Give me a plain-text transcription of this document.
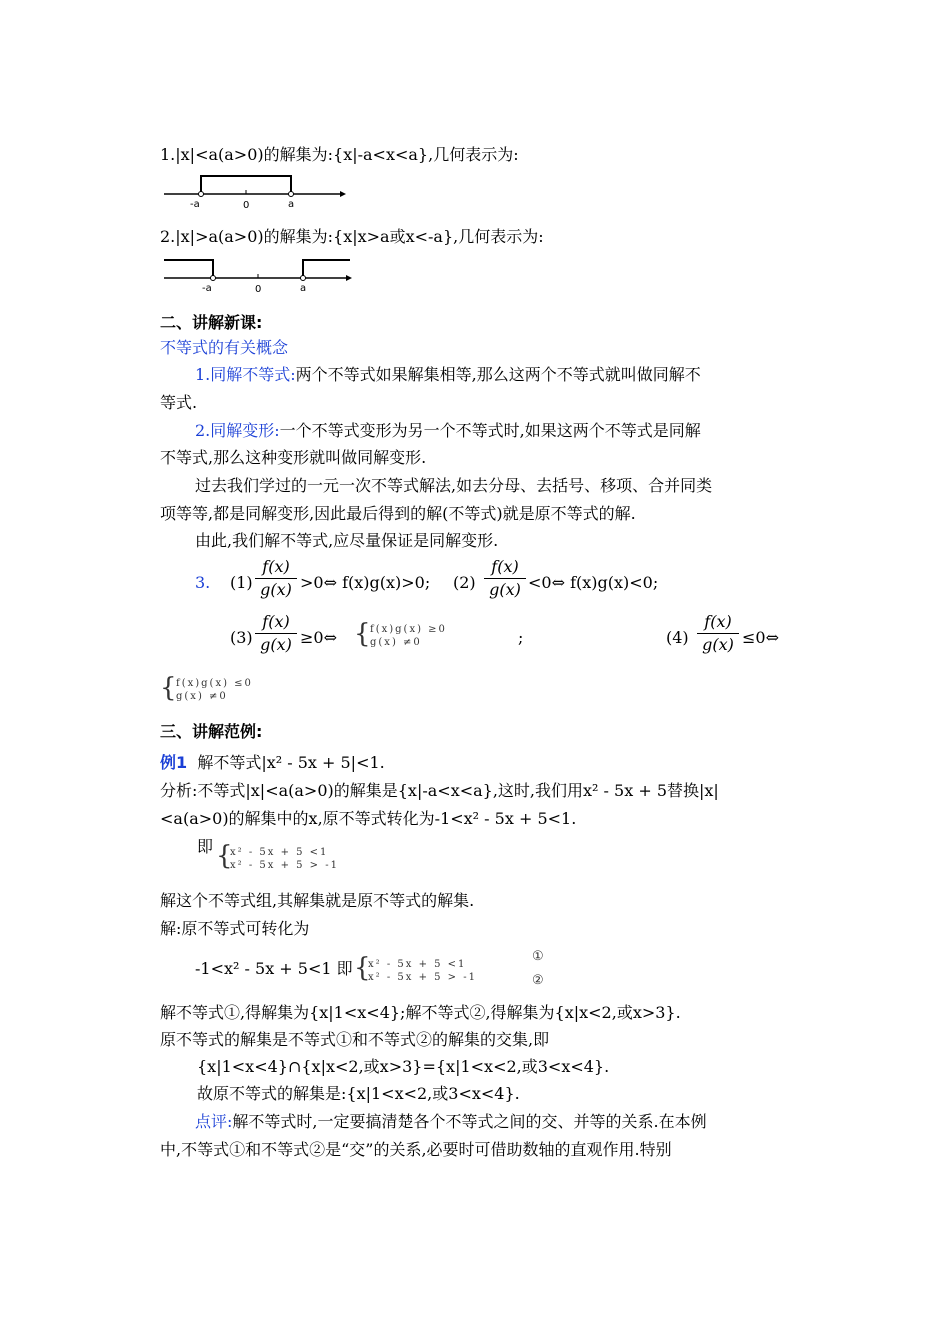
1.|x|<a(a>0)的解集为:{x|-a<x<a},几何表示为:
-a	0	a
2.|x|>a(a>0)的解集为:{x|x>a或x<-a},几何表示为:
-a	0	a
二、讲解新课:
不等式的有关概念
1.同解不等式:两个不等式如果解集相等,那么这两个不等式就叫做同解不
等式.
2.同解变形:一个不等式变形为另一个不等式时,如果这两个不等式是同解
不等式,那么这种变形就叫做同解变形.
过去我们学过的一元一次不等式解法,如去分母、去括号、移项、合并同类
项等等,都是同解变形,因此最后得到的解(不等式)就是原不等式的解.
由此,我们解不等式,应尽量保证是同解变形.
3. (1)
f(x)
g(x) >0⇔ f(x)g(x)>0; (2)
f(x)
g(x) <0⇔ f(x)g(x)<0;
(3)
f(x)
g(x) ≥0⇔ { f(x)g(x) ≥0
g(x) ≠0	;	(4)
f(x)
g(x) ≤0⇔
{ f(x)g(x) ≤0
g(x) ≠0
三、讲解范例:
例1 解不等式|x² - 5x + 5|<1.
分析:不等式|x|<a(a>0)的解集是{x|-a<x<a},这时,我们用x² - 5x + 5替换|x|
<a(a>0)的解集中的x,原不等式转化为-1<x² - 5x + 5<1.
即 {
x² - 5x + 5 <1
x² - 5x + 5 > -1
解这个不等式组,其解集就是原不等式的解集.
解:原不等式可转化为
-1<x² - 5x + 5<1 即 {
x² - 5x + 5 <1
x² - 5x + 5 > -1
①
②
解不等式①,得解集为{x|1<x<4};解不等式②,得解集为{x|x<2,或x>3}.
原不等式的解集是不等式①和不等式②的解集的交集,即
{x|1<x<4}∩{x|x<2,或x>3}={x|1<x<2,或3<x<4}.
故原不等式的解集是:{x|1<x<2,或3<x<4}.
点评:解不等式时,一定要搞清楚各个不等式之间的交、并等的关系.在本例
中,不等式①和不等式②是“交”的关系,必要时可借助数轴的直观作用.特别
